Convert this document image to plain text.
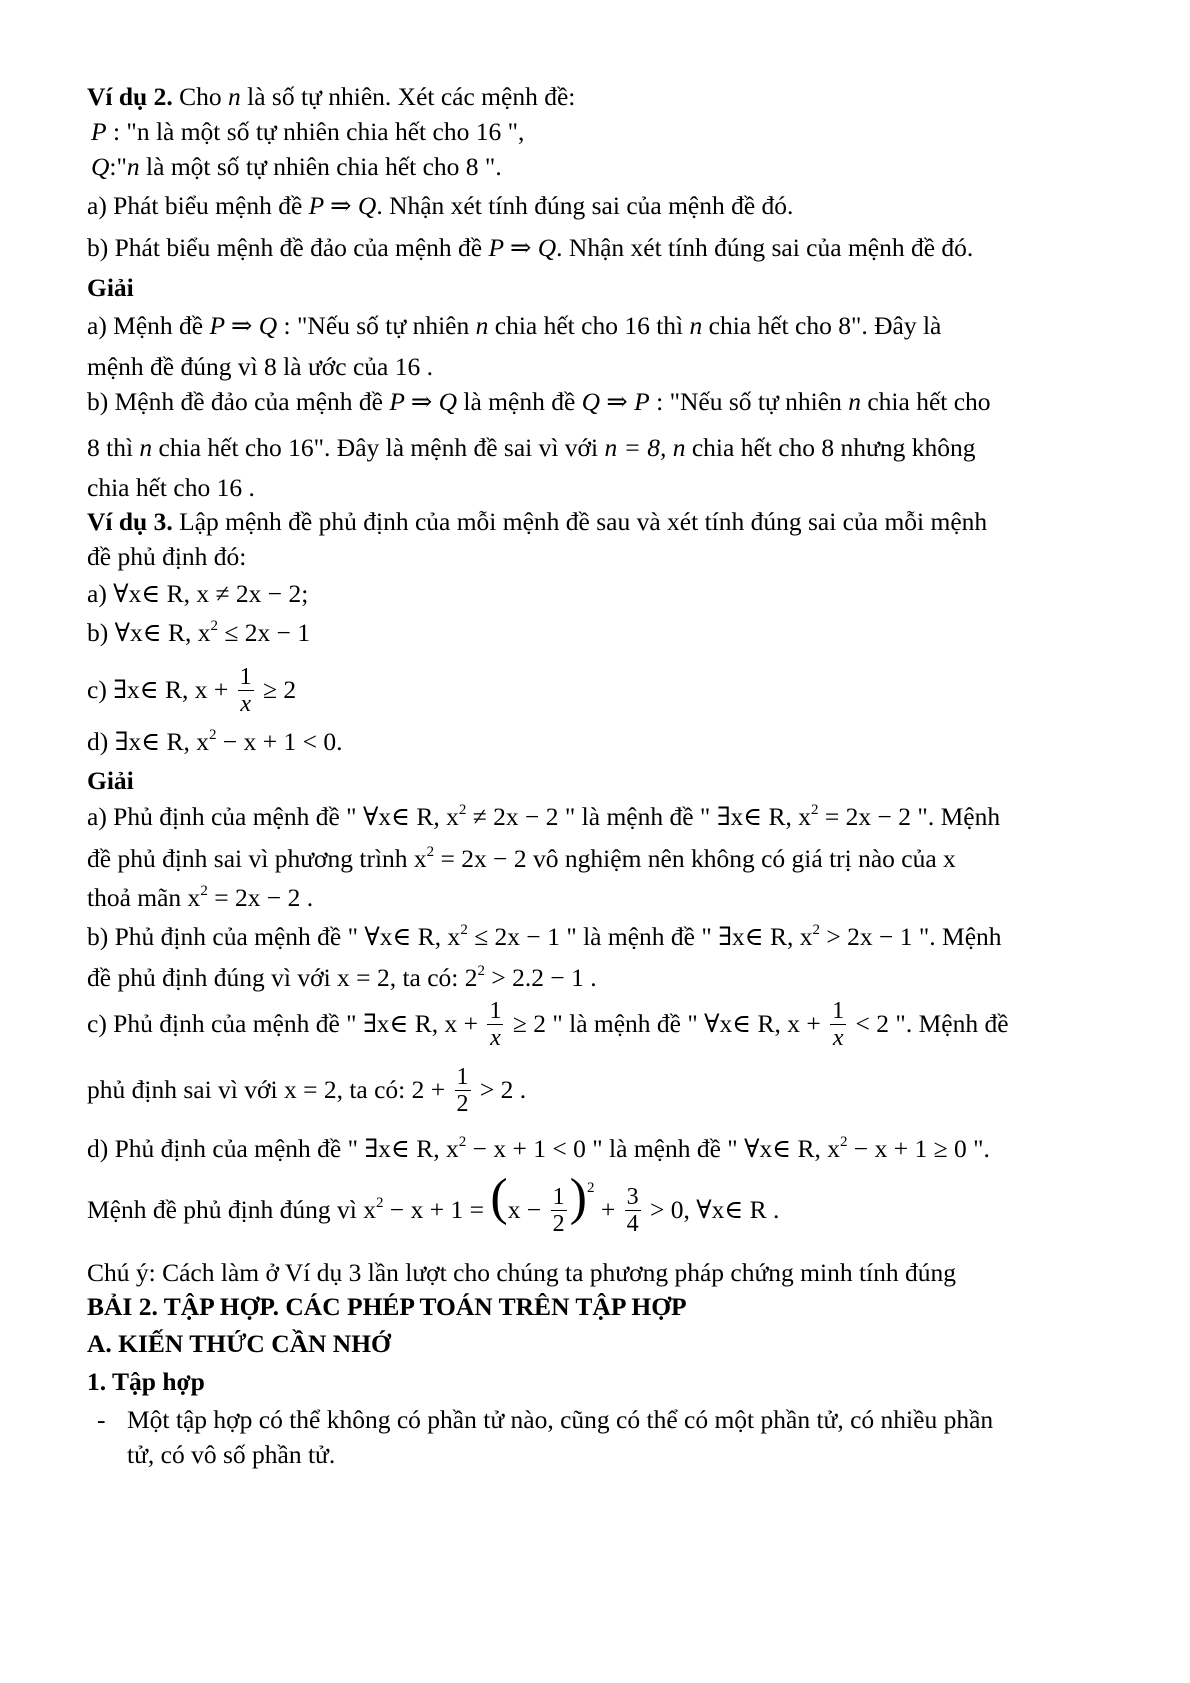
Ví dụ 2. Cho n là số tự nhiên. Xét các mệnh đề:
P : "n là một số tự nhiên chia hết cho 16 ",
Q:"n là một số tự nhiên chia hết cho 8 ".
a) Phát biểu mệnh đề P ⇒ Q. Nhận xét tính đúng sai của mệnh đề đó.
b) Phát biểu mệnh đề đảo của mệnh đề P ⇒ Q. Nhận xét tính đúng sai của mệnh đề đó.
Giải
a) Mệnh đề P ⇒ Q : "Nếu số tự nhiên n chia hết cho 16 thì n chia hết cho 8". Đây là
mệnh đề đúng vì 8 là ước của 16 .
b) Mệnh đề đảo của mệnh đề P ⇒ Q là mệnh đề Q ⇒ P : "Nếu số tự nhiên n chia hết cho
8 thì n chia hết cho 16". Đây là mệnh đề sai vì với n = 8, n chia hết cho 8 nhưng không
chia hết cho 16 .
Ví dụ 3. Lập mệnh đề phủ định của mỗi mệnh đề sau và xét tính đúng sai của mỗi mệnh
đề phủ định đó:
a) ∀x∈ R, x ≠ 2x − 2;
b) ∀x∈ R, $x^2 \le 2x - 1$
c) ∃x∈ R, $x + \frac{1}{x} \ge 2$
d) ∃x∈ R, $x^2 - x + 1 < 0$.
Giải
a) Phủ định của mệnh đề " ∀x∈ R, $x^2 \ne 2x - 2$ " là mệnh đề " ∃x∈ R, $x^2 = 2x - 2$ ". Mệnh
đề phủ định sai vì phương trình $x^2 = 2x - 2$ vô nghiệm nên không có giá trị nào của x
thoả mãn $x^2 = 2x - 2$ .
b) Phủ định của mệnh đề " ∀x∈ R, $x^2 \le 2x - 1$ " là mệnh đề " ∃x∈ R, $x^2 > 2x - 1$ ". Mệnh
đề phủ định đúng vì với x = 2, ta có: $2^2 > 2.2 - 1$ .
c) Phủ định của mệnh đề " ∃x∈ R, $x + \frac{1}{x} \ge 2$ " là mệnh đề " ∀x∈ R, $x + \frac{1}{x} < 2$ ". Mệnh đề
phủ định sai vì với x = 2, ta có: $2 + \frac{1}{2} > 2$ .
d) Phủ định của mệnh đề " ∃x∈ R, $x^2 - x + 1 < 0$ " là mệnh đề " ∀x∈ R, $x^2 - x + 1 \ge 0$ ".
Mệnh đề phủ định đúng vì $x^2 - x + 1 = (x - \frac{1}{2} )^2 + \frac{3}{4} > 0$, ∀x∈ R .
Chú ý: Cách làm ở Ví dụ 3 lần lượt cho chúng ta phương pháp chứng minh tính đúng
BẢI 2. TẬP HỢP. CÁC PHÉP TOÁN TRÊN TẬP HỢP
A. KIẾN THỨC CẦN NHỚ
1. Tập hợp
- Một tập hợp có thể không có phần tử nào, cũng có thể có một phần tử, có nhiều phần
tử, có vô số phần tử.
